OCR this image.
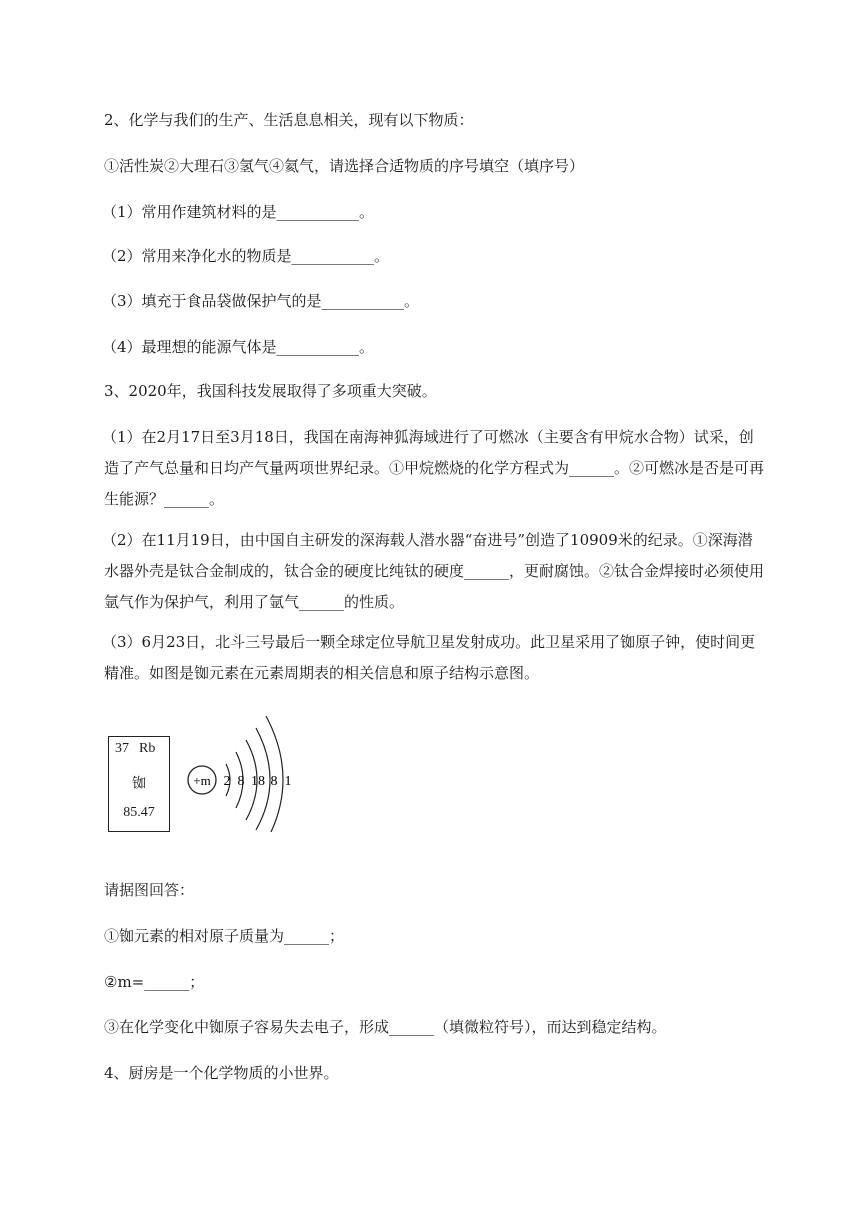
2、化学与我们的生产、生活息息相关，现有以下物质：
①活性炭②大理石③氢气④氦气，请选择合适物质的序号填空（填序号）
（1）常用作建筑材料的是___________。
（2）常用来净化水的物质是___________。
（3）填充于食品袋做保护气的是___________。
（4）最理想的能源气体是___________。
3、2020年，我国科技发展取得了多项重大突破。
（1）在2月17日至3月18日，我国在南海神狐海域进行了可燃冰（主要含有甲烷水合物）试采，创
造了产气总量和日均产气量两项世界纪录。①甲烷燃烧的化学方程式为______。②可燃冰是否是可再
生能源？______。
（2）在11月19日，由中国自主研发的深海载人潜水器“奋进号”创造了10909米的纪录。①深海潜
水器外壳是钛合金制成的，钛合金的硬度比纯钛的硬度______，更耐腐蚀。②钛合金焊接时必须使用
氩气作为保护气，利用了氩气______的性质。
（3）6月23日，北斗三号最后一颗全球定位导航卫星发射成功。此卫星采用了铷原子钟，使时间更
精准。如图是铷元素在元素周期表的相关信息和原子结构示意图。
37 Rb
铷
85.47
+m 2 8 18 8 1
请据图回答：
①铷元素的相对原子质量为______；
②m=______；
③在化学变化中铷原子容易失去电子，形成______（填微粒符号），而达到稳定结构。
4、厨房是一个化学物质的小世界。
